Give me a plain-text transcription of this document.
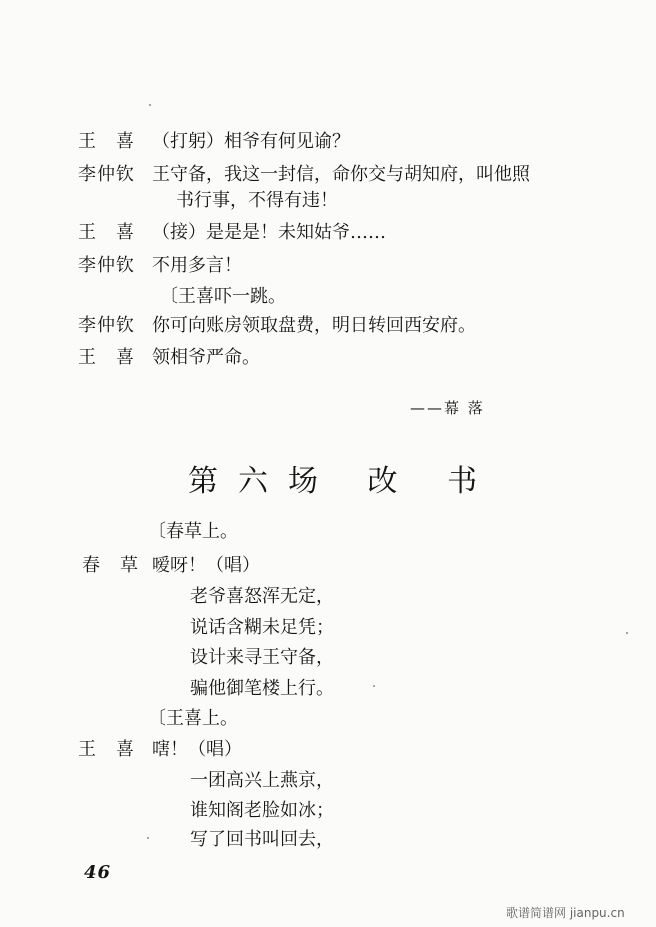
王　喜 （打躬）相爷有何见谕？
李仲钦 王守备，我这一封信，命你交与胡知府，叫他照
书行事，不得有违！
王　喜 （接）是是是！未知姑爷……
李仲钦 不用多言！
〔王喜吓一跳。
李仲钦 你可向账房领取盘费，明日转回西安府。
王　喜 领相爷严命。
——幕 落
第六场 改 书
〔春草上。
春　草 嗳呀！（唱）
老爷喜怒浑无定，
说话含糊未足凭；
设计来寻王守备，
骗他御笔楼上行。
〔王喜上。
王　喜 嗐！（唱）
一团高兴上燕京，
谁知阁老脸如冰；
写了回书叫回去，
46
歌谱简谱网 jianpu.cn
